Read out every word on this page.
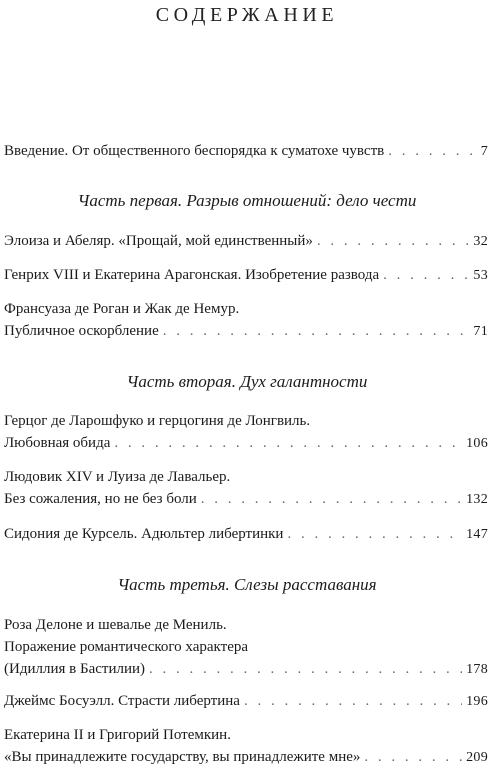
СОДЕРЖАНИЕ
Введение. От общественного беспорядка к суматохе чувств . . .	7
Часть первая. Разрыв отношений: дело чести
Элоиза и Абеляр. «Прощай, мой единственный» . . .	32
Генрих VIII и Екатерина Арагонская. Изобретение развода . . .	53
Франсуаза де Роган и Жак де Немур.
Публичное оскорбление . . .	71
Часть вторая. Дух галантности
Герцог де Ларошфуко и герцогиня де Лонгвиль.
Любовная обида . . .	106
Людовик XIV и Луиза де Лавальер.
Без сожаления, но не без боли . . .	132
Сидония де Курсель. Адюльтер либертинки . . .	147
Часть третья. Слезы расставания
Роза Делоне и шевалье де Мениль.
Поражение романтического характера
(Идиллия в Бастилии) . . .	178
Джеймс Босуэлл. Страсти либертина . . .	196
Екатерина II и Григорий Потемкин.
«Вы принадлежите государству, вы принадлежите мне» . . .	209
